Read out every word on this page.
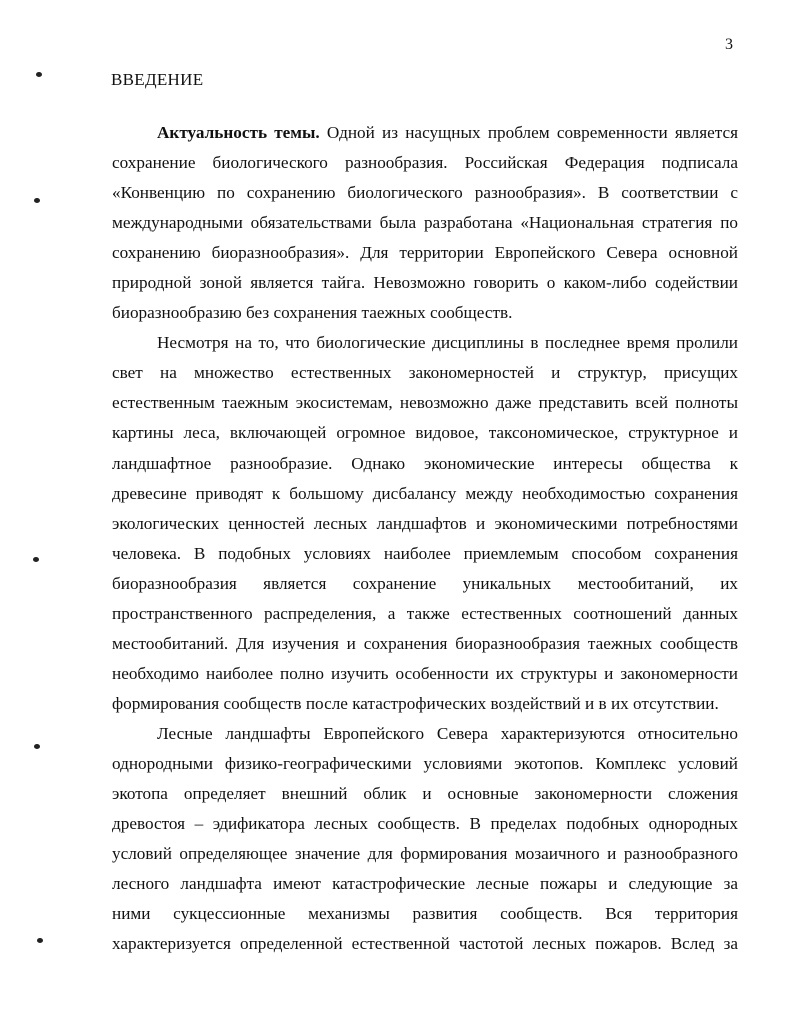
3
ВВЕДЕНИЕ
Актуальность темы. Одной из насущных проблем современности является
сохранение биологического разнообразия. Российская Федерация подписала
«Конвенцию по сохранению биологического разнообразия». В соответствии с
международными обязательствами была разработана «Национальная стратегия по
сохранению биоразнообразия». Для территории Европейского Севера основной
природной зоной является тайга. Невозможно говорить о каком-либо содействии
биоразнообразию без сохранения таежных сообществ.
Несмотря на то, что биологические дисциплины в последнее время пролили
свет на множество естественных закономерностей и структур, присущих
естественным таежным экосистемам, невозможно даже представить всей полноты
картины леса, включающей огромное видовое, таксономическое, структурное и
ландшафтное разнообразие. Однако экономические интересы общества к
древесине приводят к большому дисбалансу между необходимостью сохранения
экологических ценностей лесных ландшафтов и экономическими потребностями
человека. В подобных условиях наиболее приемлемым способом сохранения
биоразнообразия является сохранение уникальных местообитаний, их
пространственного распределения, а также естественных соотношений данных
местообитаний. Для изучения и сохранения биоразнообразия таежных сообществ
необходимо наиболее полно изучить особенности их структуры и закономерности
формирования сообществ после катастрофических воздействий и в их отсутствии.
Лесные ландшафты Европейского Севера характеризуются относительно
однородными физико-географическими условиями экотопов. Комплекс условий
экотопа определяет внешний облик и основные закономерности сложения
древостоя – эдификатора лесных сообществ. В пределах подобных однородных
условий определяющее значение для формирования мозаичного и разнообразного
лесного ландшафта имеют катастрофические лесные пожары и следующие за
ними сукцессионные механизмы развития сообществ. Вся территория
характеризуется определенной естественной частотой лесных пожаров. Вслед за
